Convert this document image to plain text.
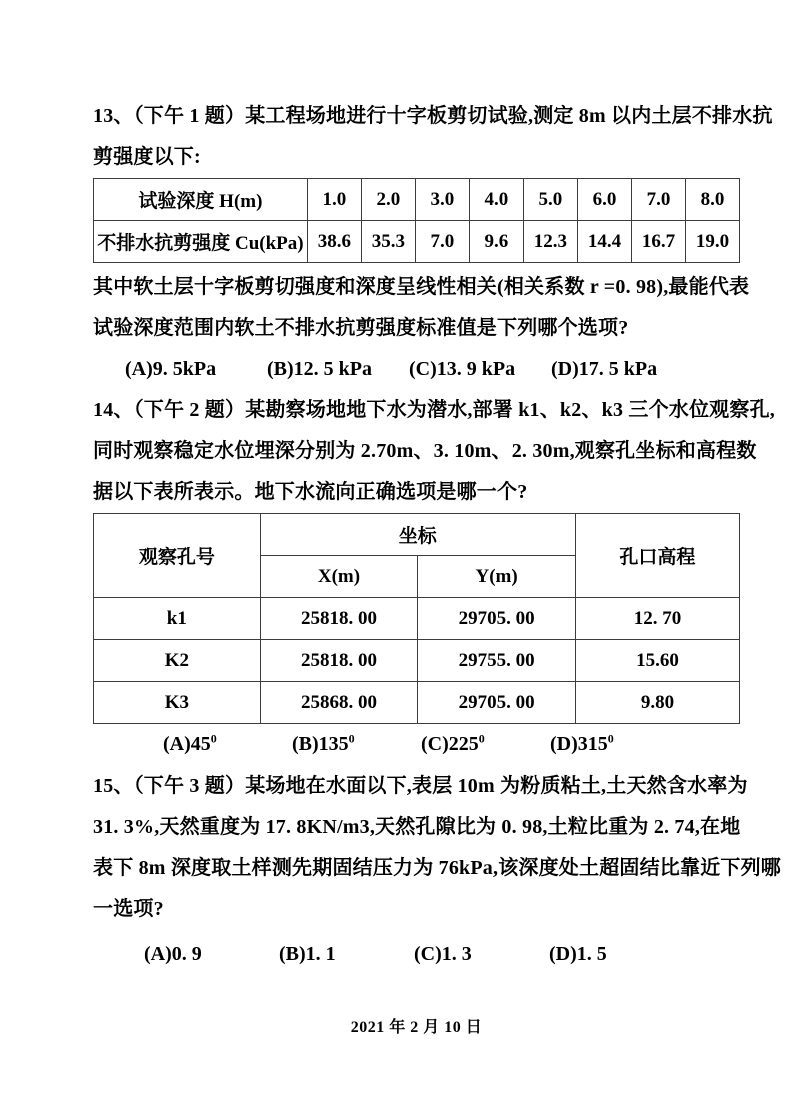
13、（下午 1 题）某工程场地进行十字板剪切试验,测定 8m 以内土层不排水抗
剪强度以下:
试验深度 H(m)	1.0	2.0	3.0	4.0	5.0	6.0	7.0	8.0
不排水抗剪强度 Cu(kPa)	38.6	35.3	7.0	9.6	12.3	14.4	16.7	19.0
其中软土层十字板剪切强度和深度呈线性相关(相关系数 r =0. 98),最能代表
试验深度范围内软土不排水抗剪强度标准值是下列哪个选项?
(A)9. 5kPa	(B)12. 5 kPa	(C)13. 9 kPa	(D)17. 5 kPa
14、（下午 2 题）某勘察场地地下水为潜水,部署 k1、k2、k3 三个水位观察孔,
同时观察稳定水位埋深分别为 2.70m、3. 10m、2. 30m,观察孔坐标和高程数
据以下表所表示。地下水流向正确选项是哪一个?
观察孔号	坐标		孔口高程
	X(m)	Y(m)	
k1	25818. 00	29705. 00	12. 70
K2	25818. 00	29755. 00	15.60
K3	25868. 00	29705. 00	9.80
$(A)45^0$	$(B)135^0$	$(C)225^0$	$(D)315^0$
15、（下午 3 题）某场地在水面以下,表层 10m 为粉质粘土,土天然含水率为
31. 3%,天然重度为 17. 8KN/m3,天然孔隙比为 0. 98,土粒比重为 2. 74,在地
表下 8m 深度取土样测先期固结压力为 76kPa,该深度处土超固结比靠近下列哪
一选项?
(A)0. 9	(B)1. 1	(C)1. 3	(D)1. 5
2021 年 2 月 10 日
